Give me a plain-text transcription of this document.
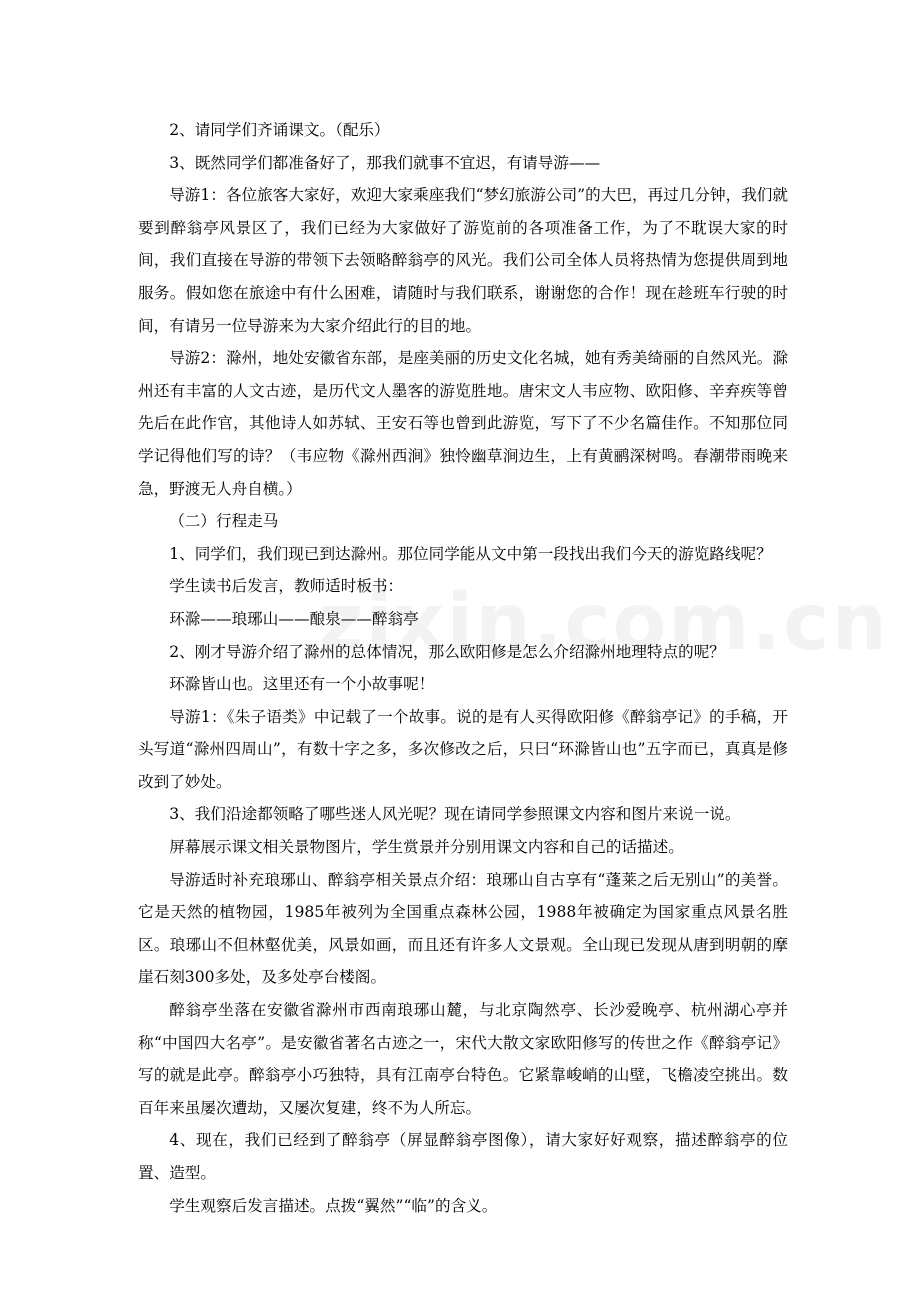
2、请同学们齐诵课文。（配乐）

3、既然同学们都准备好了，那我们就事不宜迟，有请导游——

导游1：各位旅客大家好，欢迎大家乘座我们“梦幻旅游公司”的大巴，再过几分钟，我们就要到醉翁亭风景区了，我们已经为大家做好了游览前的各项准备工作，为了不耽误大家的时间，我们直接在导游的带领下去领略醉翁亭的风光。我们公司全体人员将热情为您提供周到地服务。假如您在旅途中有什么困难，请随时与我们联系，谢谢您的合作！现在趁班车行驶的时间，有请另一位导游来为大家介绍此行的目的地。

导游2：滁州，地处安徽省东部，是座美丽的历史文化名城，她有秀美绮丽的自然风光。滁州还有丰富的人文古迹，是历代文人墨客的游览胜地。唐宋文人韦应物、欧阳修、辛弃疾等曾先后在此作官，其他诗人如苏轼、王安石等也曾到此游览，写下了不少名篇佳作。不知那位同学记得他们写的诗？（韦应物《滁州西涧》独怜幽草涧边生，上有黄鹂深树鸣。春潮带雨晚来急，野渡无人舟自横。）

（二）行程走马

1、同学们，我们现已到达滁州。那位同学能从文中第一段找出我们今天的游览路线呢？

学生读书后发言，教师适时板书：

环滁——琅琊山——酿泉——醉翁亭

2、刚才导游介绍了滁州的总体情况，那么欧阳修是怎么介绍滁州地理特点的呢？

环滁皆山也。这里还有一个小故事呢！

导游1：《朱子语类》中记载了一个故事。说的是有人买得欧阳修《醉翁亭记》的手稿，开头写道“滁州四周山”，有数十字之多，多次修改之后，只曰“环滁皆山也”五字而已，真真是修改到了妙处。

3、我们沿途都领略了哪些迷人风光呢？现在请同学参照课文内容和图片来说一说。

屏幕展示课文相关景物图片，学生赏景并分别用课文内容和自己的话描述。

导游适时补充琅琊山、醉翁亭相关景点介绍：琅琊山自古享有“蓬莱之后无别山”的美誉。它是天然的植物园，1985年被列为全国重点森林公园，1988年被确定为国家重点风景名胜区。琅琊山不但林壑优美，风景如画，而且还有许多人文景观。全山现已发现从唐到明朝的摩崖石刻300多处，及多处亭台楼阁。

醉翁亭坐落在安徽省滁州市西南琅琊山麓，与北京陶然亭、长沙爱晚亭、杭州湖心亭并称“中国四大名亭”。是安徽省著名古迹之一，宋代大散文家欧阳修写的传世之作《醉翁亭记》写的就是此亭。醉翁亭小巧独特，具有江南亭台特色。它紧靠峻峭的山壁，飞檐凌空挑出。数百年来虽屡次遭劫，又屡次复建，终不为人所忘。

4、现在，我们已经到了醉翁亭（屏显醉翁亭图像），请大家好好观察，描述醉翁亭的位置、造型。

学生观察后发言描述。点拨“翼然”“临”的含义。
